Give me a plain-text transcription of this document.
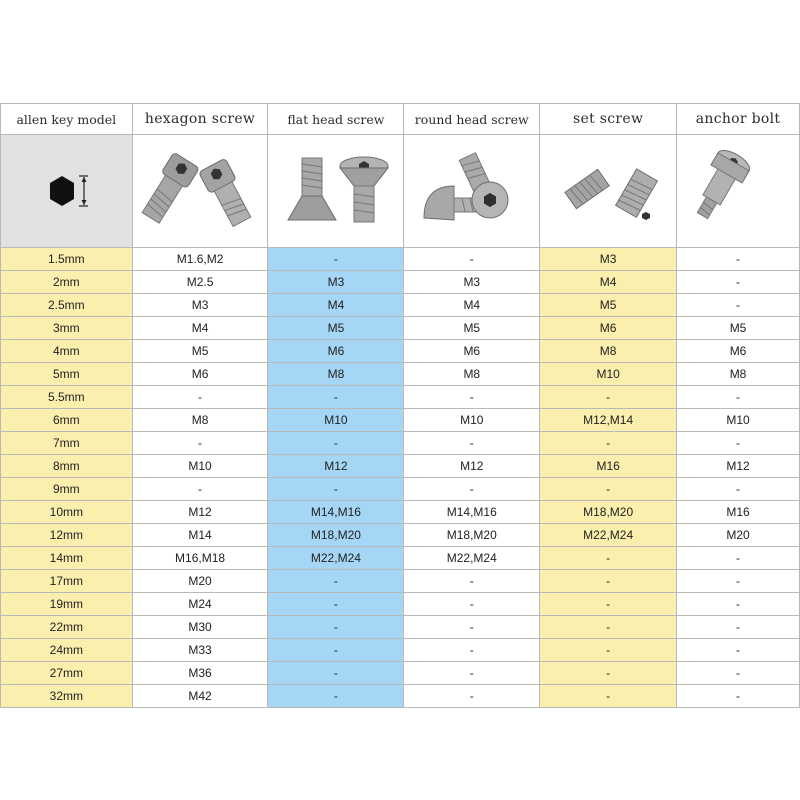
allen key model	hexagon screw	flat head screw	round head screw	set screw	anchor bolt

1.5mm	M1.6,M2	-	-	M3	-
2mm	M2.5	M3	M3	M4	-
2.5mm	M3	M4	M4	M5	-
3mm	M4	M5	M5	M6	M5
4mm	M5	M6	M6	M8	M6
5mm	M6	M8	M8	M10	M8
5.5mm	-	-	-	-	-
6mm	M8	M10	M10	M12,M14	M10
7mm	-	-	-	-	-
8mm	M10	M12	M12	M16	M12
9mm	-	-	-	-	-
10mm	M12	M14,M16	M14,M16	M18,M20	M16
12mm	M14	M18,M20	M18,M20	M22,M24	M20
14mm	M16,M18	M22,M24	M22,M24	-	-
17mm	M20	-	-	-	-
19mm	M24	-	-	-	-
22mm	M30	-	-	-	-
24mm	M33	-	-	-	-
27mm	M36	-	-	-	-
32mm	M42	-	-	-	-
